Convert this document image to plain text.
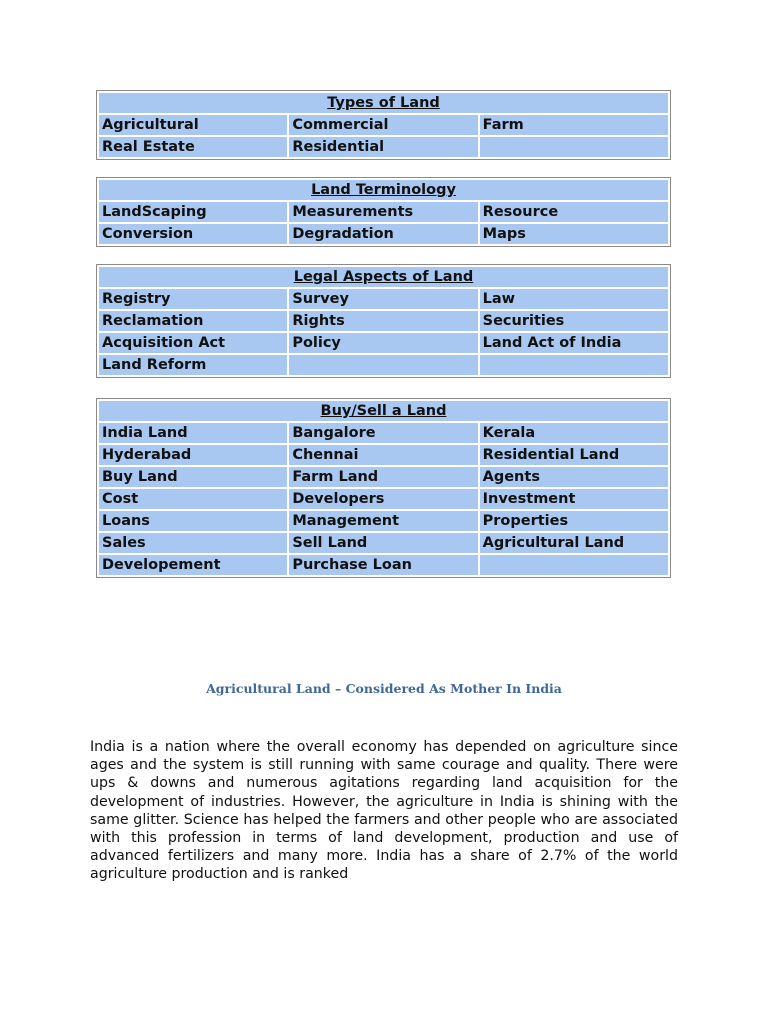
Types of Land		
Agricultural	Commercial	Farm
Real Estate	Residential	
Land Terminology		
LandScaping	Measurements	Resource
Conversion	Degradation	Maps
Legal Aspects of Land		
Registry	Survey	Law
Reclamation	Rights	Securities
Acquisition Act	Policy	Land Act of India
Land Reform		
Buy/Sell a Land		
India Land	Bangalore	Kerala
Hyderabad	Chennai	Residential Land
Buy Land	Farm Land	Agents
Cost	Developers	Investment
Loans	Management	Properties
Sales	Sell Land	Agricultural Land
Developement	Purchase Loan	
Agricultural Land – Considered As Mother In India

India is a nation where the overall economy has depended on agriculture since ages and the system is still running with same courage and quality. There were ups & downs and numerous agitations regarding land acquisition for the development of industries. However, the agriculture in India is shining with the same glitter. Science has helped the farmers and other people who are associated with this profession in terms of land development, production and use of advanced fertilizers and many more. India has a share of 2.7% of the world agriculture production and is ranked
